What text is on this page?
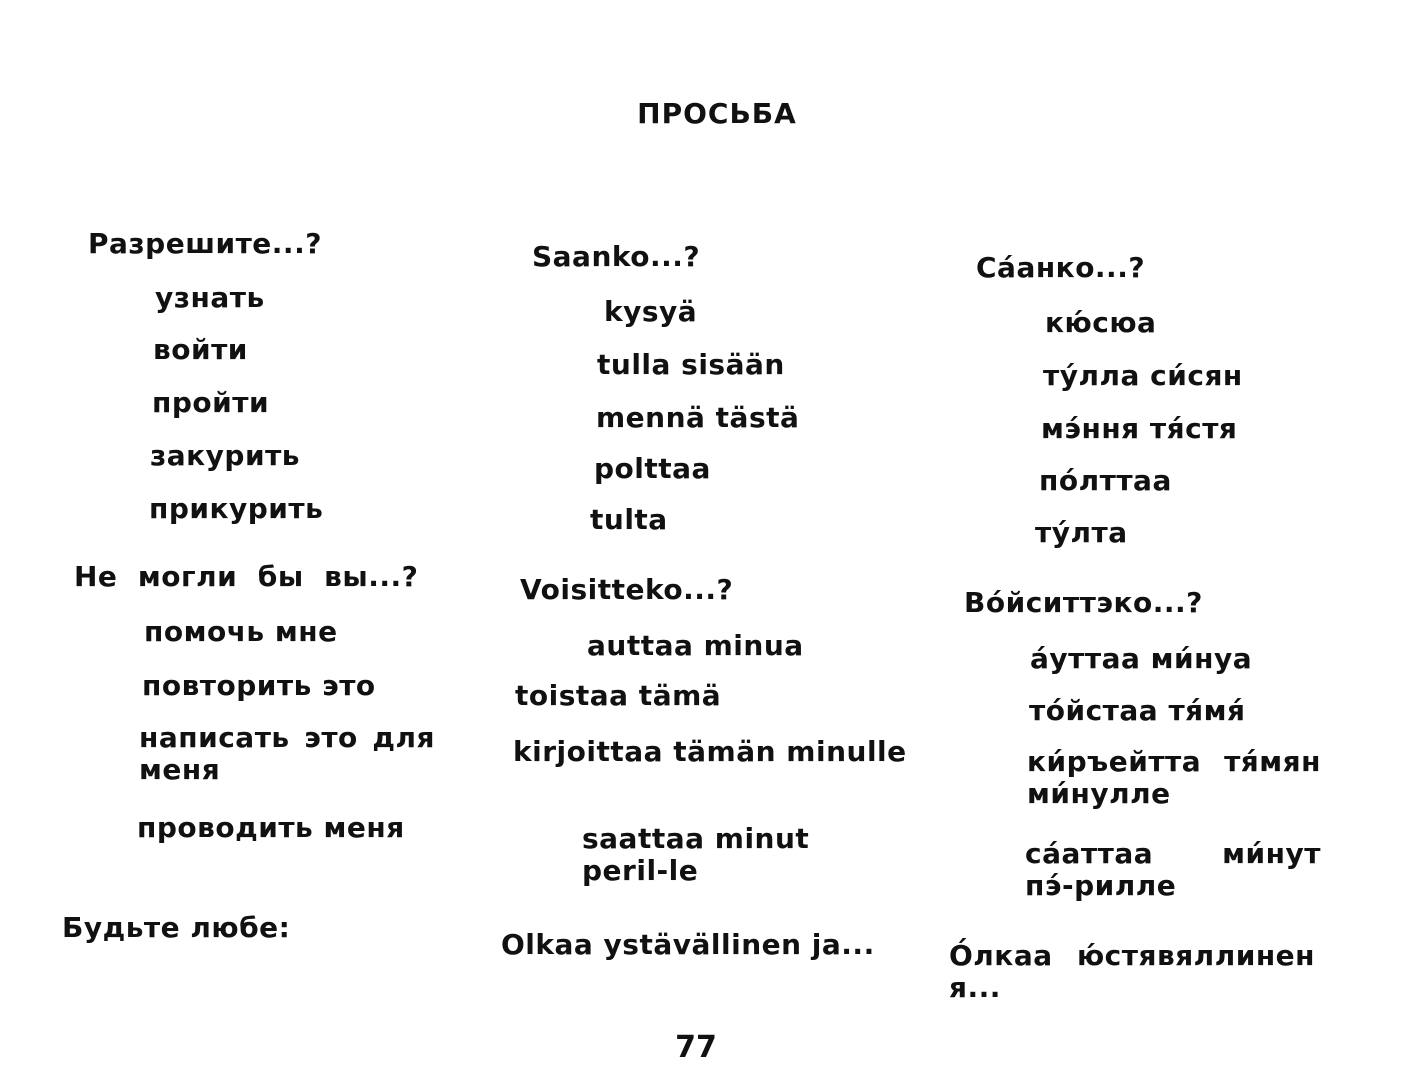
ПРОСЬБА
Разрешите...?
узнать
войти
пройти
закурить
прикурить
Не  могли  бы  вы...?
помочь мне
повторить это
написать это для меня
проводить меня
Будьте любе:
Saanko...?
kysyä
tulla sisään
mennä tästä
polttaa
tulta
Voisitteko...?
auttaa minua
toistaa tämä
kirjoittaa tämän minulle
saattaa minut peril-le
Olkaa ystävällinen ja...
Са́анко...?
кю́сюа
ту́лла си́сян
мэ́ння тя́стя
по́лттаа
ту́лта
Во́йситтэко...?
а́уттаа ми́нуа
то́йстаа тя́мя́
ки́ръейтта тя́мян ми́нулле
са́аттаа ми́нут пэ́-рилле
О́лкаа ю́стявяллинен я...
77
